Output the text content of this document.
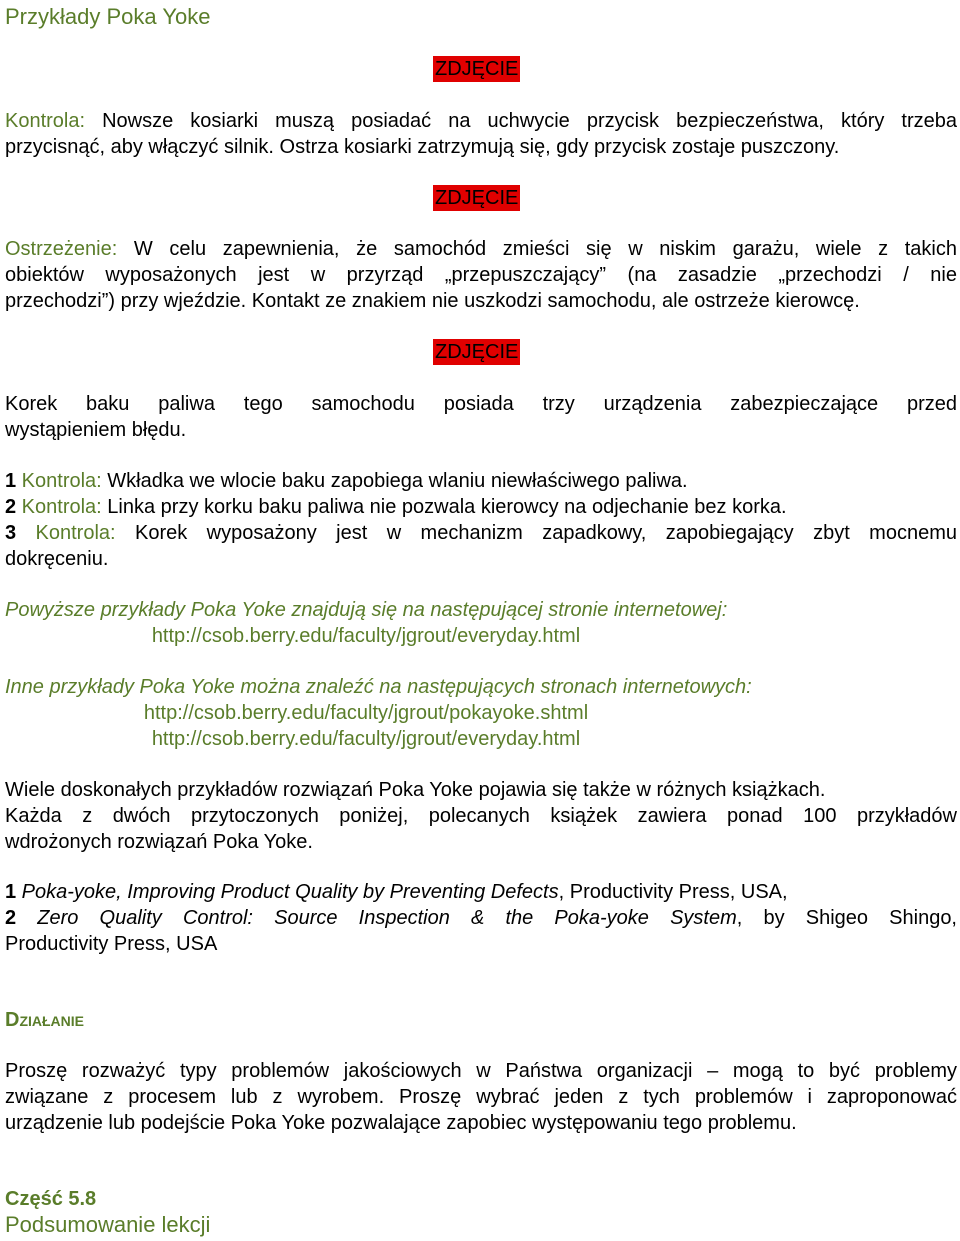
Przykłady Poka Yoke
ZDJĘCIE
Kontrola: Nowsze kosiarki muszą posiadać na uchwycie przycisk bezpieczeństwa, który trzeba
przycisnąć, aby włączyć silnik. Ostrza kosiarki zatrzymują się, gdy przycisk zostaje puszczony.
ZDJĘCIE
Ostrzeżenie: W celu zapewnienia, że samochód zmieści się w niskim garażu, wiele z takich
obiektów wyposażonych jest w przyrząd „przepuszczający” (na zasadzie „przechodzi / nie
przechodzi”) przy wjeździe. Kontakt ze znakiem nie uszkodzi samochodu, ale ostrzeże kierowcę.
ZDJĘCIE
Korek baku paliwa tego samochodu posiada trzy urządzenia zabezpieczające przed
wystąpieniem błędu.
1 Kontrola: Wkładka we wlocie baku zapobiega wlaniu niewłaściwego paliwa.
2 Kontrola: Linka przy korku baku paliwa nie pozwala kierowcy na odjechanie bez korka.
3 Kontrola: Korek wyposażony jest w mechanizm zapadkowy, zapobiegający zbyt mocnemu
dokręceniu.
Powyższe przykłady Poka Yoke znajdują się na następującej stronie internetowej:
http://csob.berry.edu/faculty/jgrout/everyday.html
Inne przykłady Poka Yoke można znaleźć na następujących stronach internetowych:
http://csob.berry.edu/faculty/jgrout/pokayoke.shtml
http://csob.berry.edu/faculty/jgrout/everyday.html
Wiele doskonałych przykładów rozwiązań Poka Yoke pojawia się także w różnych książkach.
Każda z dwóch przytoczonych poniżej, polecanych książek zawiera ponad 100 przykładów
wdrożonych rozwiązań Poka Yoke.
1 Poka-yoke, Improving Product Quality by Preventing Defects, Productivity Press, USA,
2 Zero Quality Control: Source Inspection & the Poka-yoke System, by Shigeo Shingo,
Productivity Press, USA
Działanie
Proszę rozważyć typy problemów jakościowych w Państwa organizacji – mogą to być problemy
związane z procesem lub z wyrobem. Proszę wybrać jeden z tych problemów i zaproponować
urządzenie lub podejście Poka Yoke pozwalające zapobiec występowaniu tego problemu.
Część 5.8
Podsumowanie lekcji
